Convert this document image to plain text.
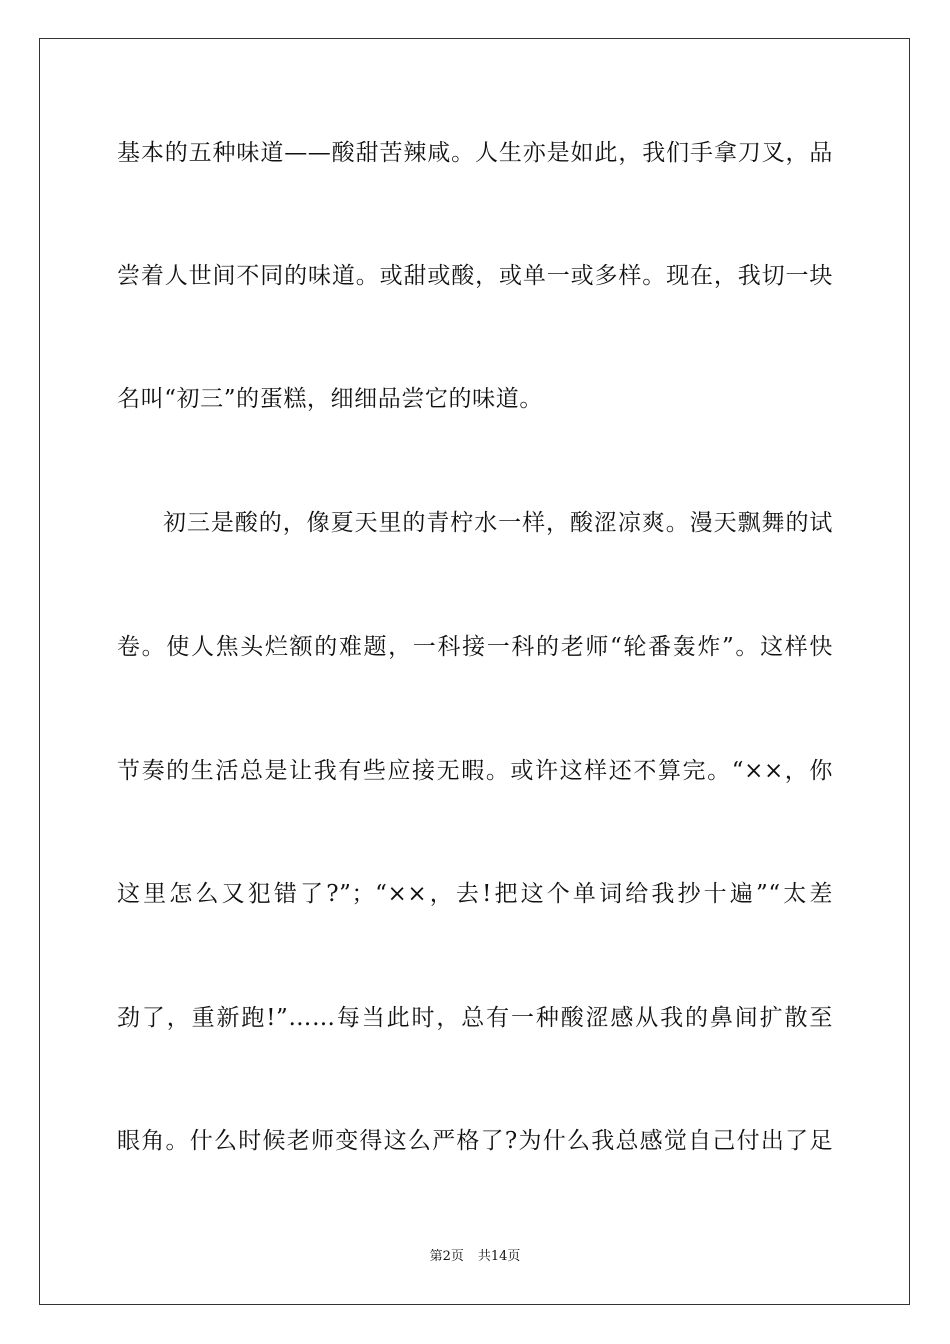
基本的五种味道——酸甜苦辣咸。人生亦是如此，我们手拿刀叉，品
尝着人世间不同的味道。或甜或酸，或单一或多样。现在，我切一块
名叫“初三”的蛋糕，细细品尝它的味道。
初三是酸的，像夏天里的青柠水一样，酸涩凉爽。漫天飘舞的试
卷。使人焦头烂额的难题，一科接一科的老师“轮番轰炸”。这样快
节奏的生活总是让我有些应接无暇。或许这样还不算完。“××，你
这里怎么又犯错了?”；“××，去!把这个单词给我抄十遍”“太差
劲了，重新跑!”……每当此时，总有一种酸涩感从我的鼻间扩散至
眼角。什么时候老师变得这么严格了?为什么我总感觉自己付出了足
第2页 共14页
